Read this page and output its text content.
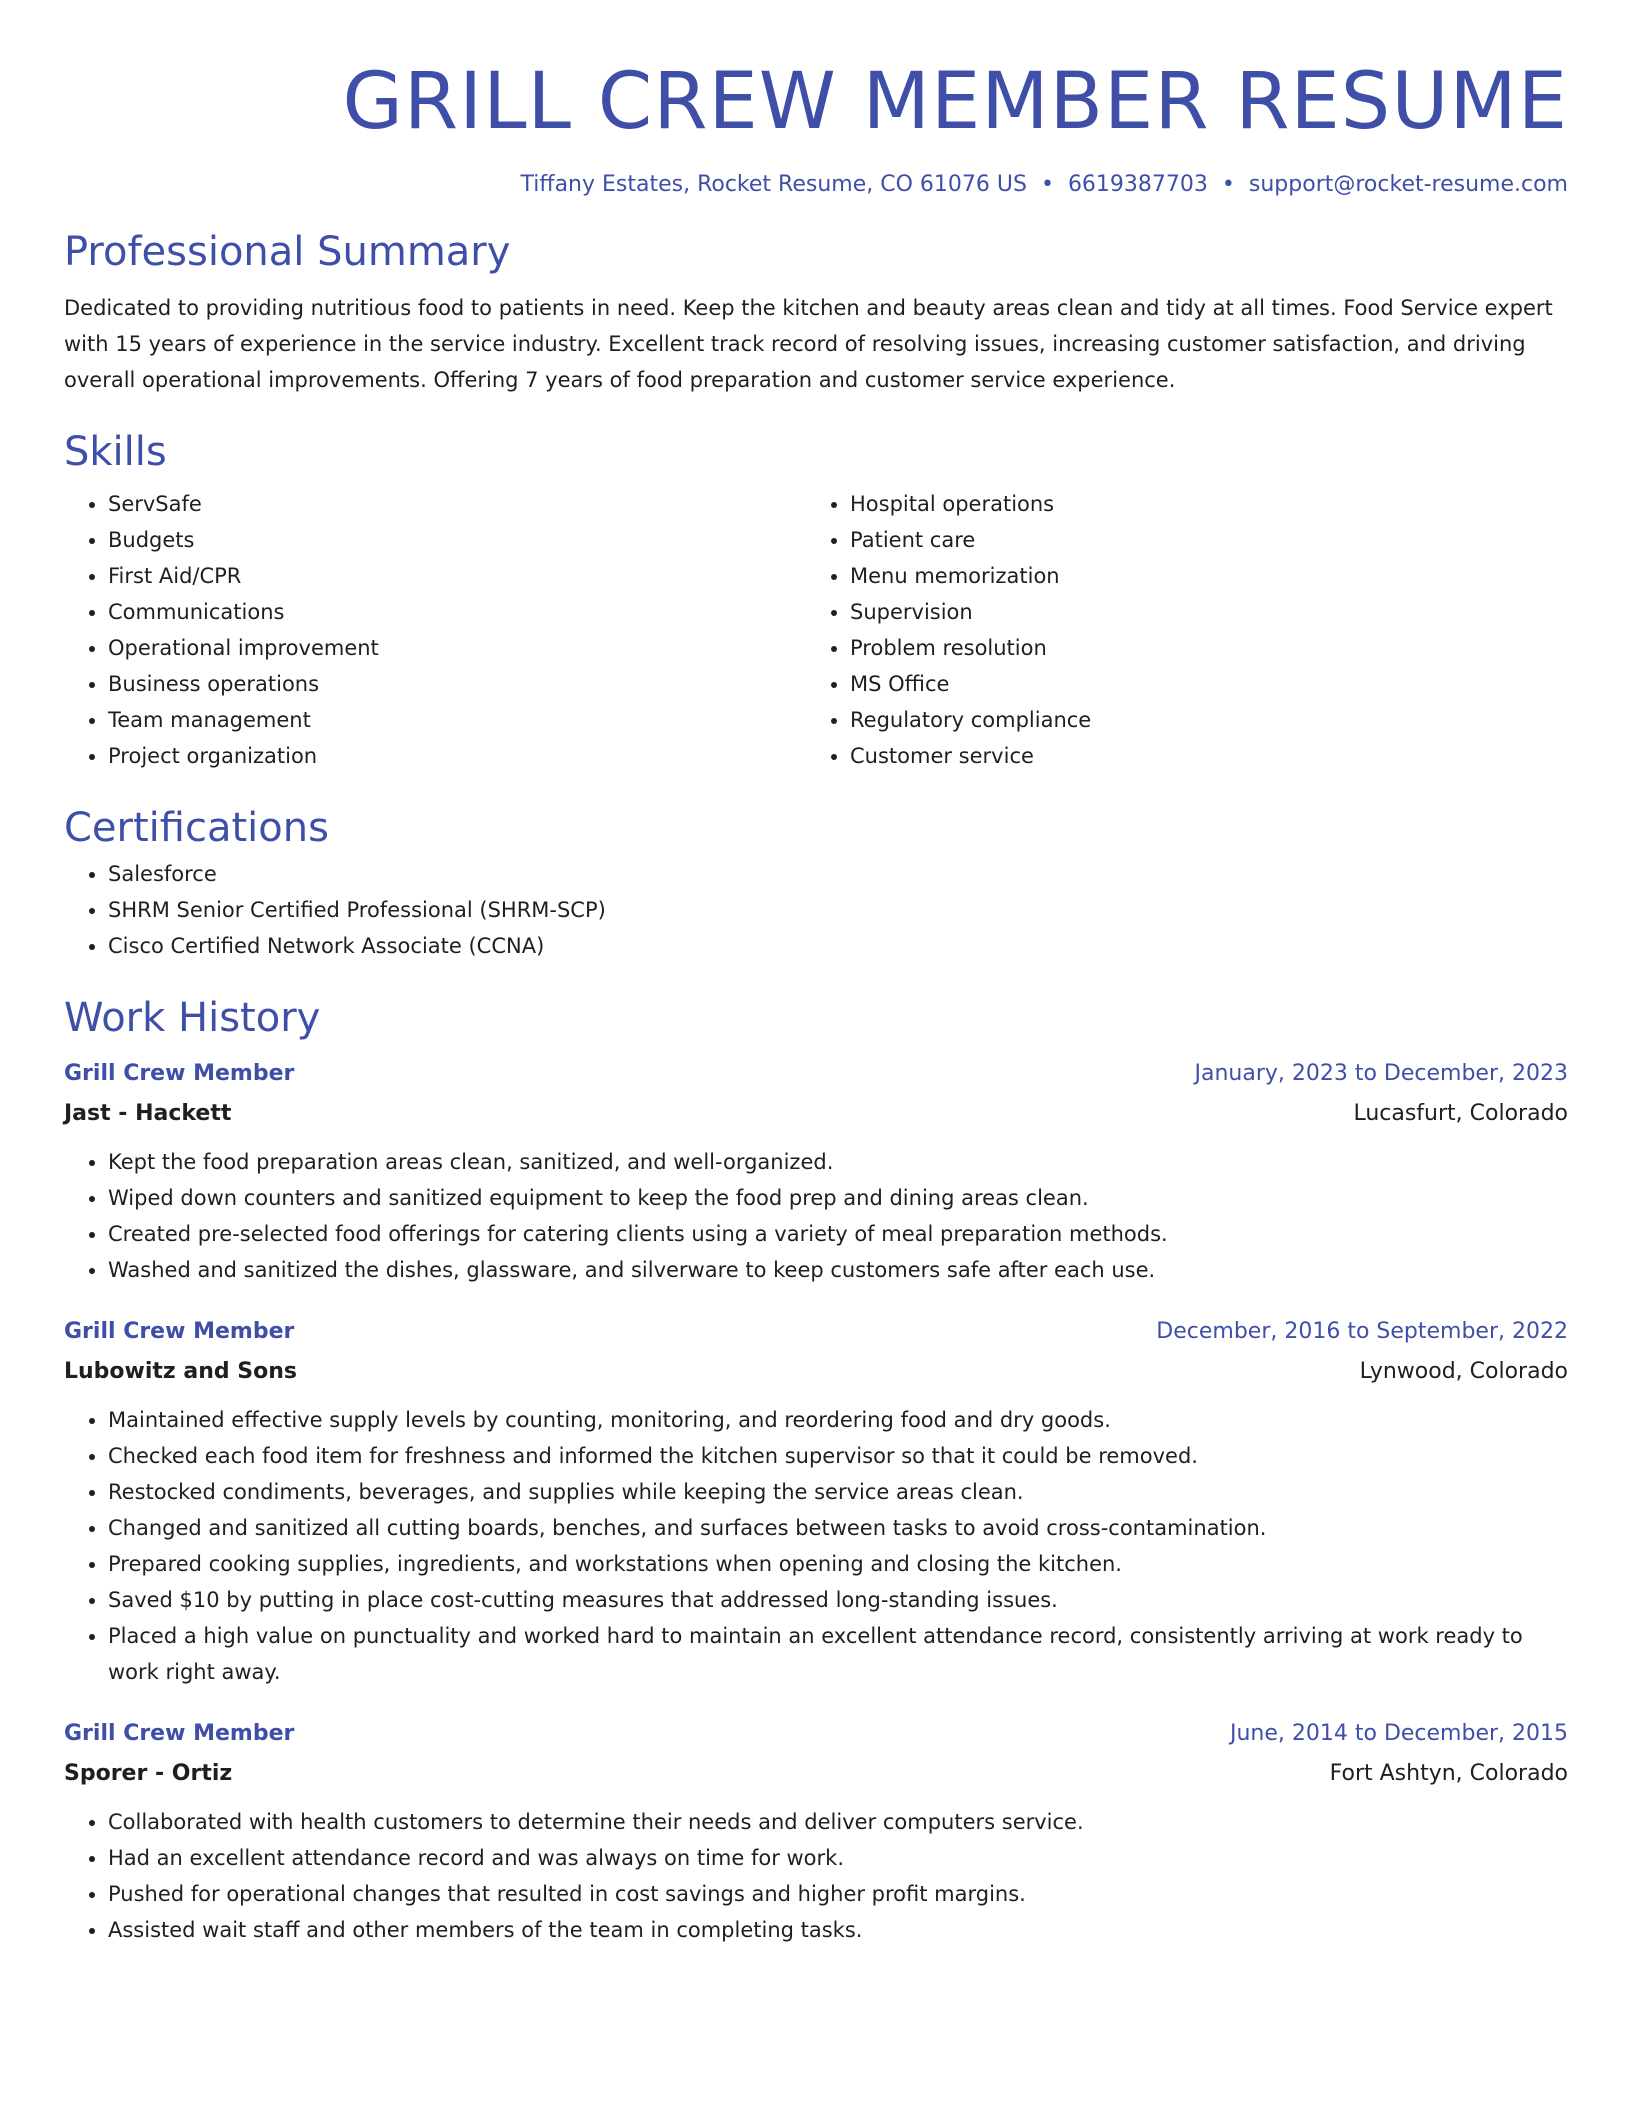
GRILL CREW MEMBER RESUME
Tiffany Estates, Rocket Resume, CO 61076 US • 6619387703 • support@rocket-resume.com
Professional Summary

Dedicated to providing nutritious food to patients in need. Keep the kitchen and beauty areas clean and tidy at all times. Food Service expert with 15 years of experience in the service industry. Excellent track record of resolving issues, increasing customer satisfaction, and driving overall operational improvements. Offering 7 years of food preparation and customer service experience.

Skills
• ServSafe
• Budgets
• First Aid/CPR
• Communications
• Operational improvement
• Business operations
• Team management
• Project organization
• Hospital operations
• Patient care
• Menu memorization
• Supervision
• Problem resolution
• MS Office
• Regulatory compliance
• Customer service
Certifications
• Salesforce
• SHRM Senior Certified Professional (SHRM-SCP)
• Cisco Certified Network Associate (CCNA)
Work History
Grill Crew Member	January, 2023 to December, 2023
Jast - Hackett	Lucasfurt, Colorado
• Kept the food preparation areas clean, sanitized, and well-organized.
• Wiped down counters and sanitized equipment to keep the food prep and dining areas clean.
• Created pre-selected food offerings for catering clients using a variety of meal preparation methods.
• Washed and sanitized the dishes, glassware, and silverware to keep customers safe after each use.
Grill Crew Member	December, 2016 to September, 2022
Lubowitz and Sons	Lynwood, Colorado
• Maintained effective supply levels by counting, monitoring, and reordering food and dry goods.
• Checked each food item for freshness and informed the kitchen supervisor so that it could be removed.
• Restocked condiments, beverages, and supplies while keeping the service areas clean.
• Changed and sanitized all cutting boards, benches, and surfaces between tasks to avoid cross-contamination.
• Prepared cooking supplies, ingredients, and workstations when opening and closing the kitchen.
• Saved $10 by putting in place cost-cutting measures that addressed long-standing issues.
• Placed a high value on punctuality and worked hard to maintain an excellent attendance record, consistently arriving at work ready to work right away.
Grill Crew Member	June, 2014 to December, 2015
Sporer - Ortiz	Fort Ashtyn, Colorado
• Collaborated with health customers to determine their needs and deliver computers service.
• Had an excellent attendance record and was always on time for work.
• Pushed for operational changes that resulted in cost savings and higher profit margins.
• Assisted wait staff and other members of the team in completing tasks.
